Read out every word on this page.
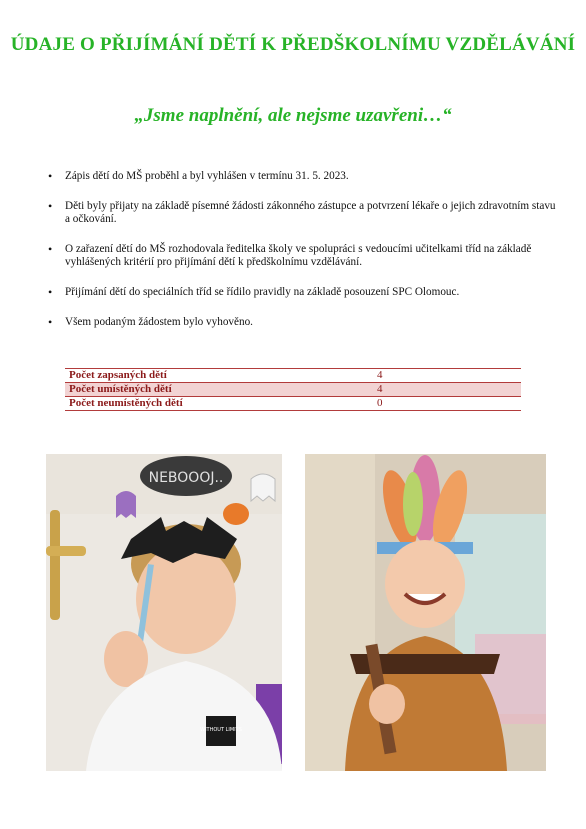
ÚDAJE O PŘIJÍMÁNÍ DĚTÍ K PŘEDŠKOLNÍMU VZDĚLÁVÁNÍ
„Jsme naplnění, ale nejsme uzavřeni…“
• Zápis dětí do MŠ proběhl a byl vyhlášen v termínu 31. 5. 2023.
• Děti byly přijaty na základě písemné žádosti zákonného zástupce a potvrzení lékaře o jejich zdravotním stavu a očkování.
• O zařazení dětí do MŠ rozhodovala ředitelka školy ve spolupráci s vedoucími učitelkami tříd na základě vyhlášených kritérií pro přijímání dětí k předškolnímu vzdělávání.
• Přijímání dětí do speciálních tříd se řídilo pravidly na základě posouzení SPC Olomouc.
• Všem podaným žádostem bylo vyhověno.
Počet zapsaných dětí	4
Počet umístěných dětí	4
Počet neumístěných dětí	0
NEBOOOJ..
WITHOUT LIMITS
